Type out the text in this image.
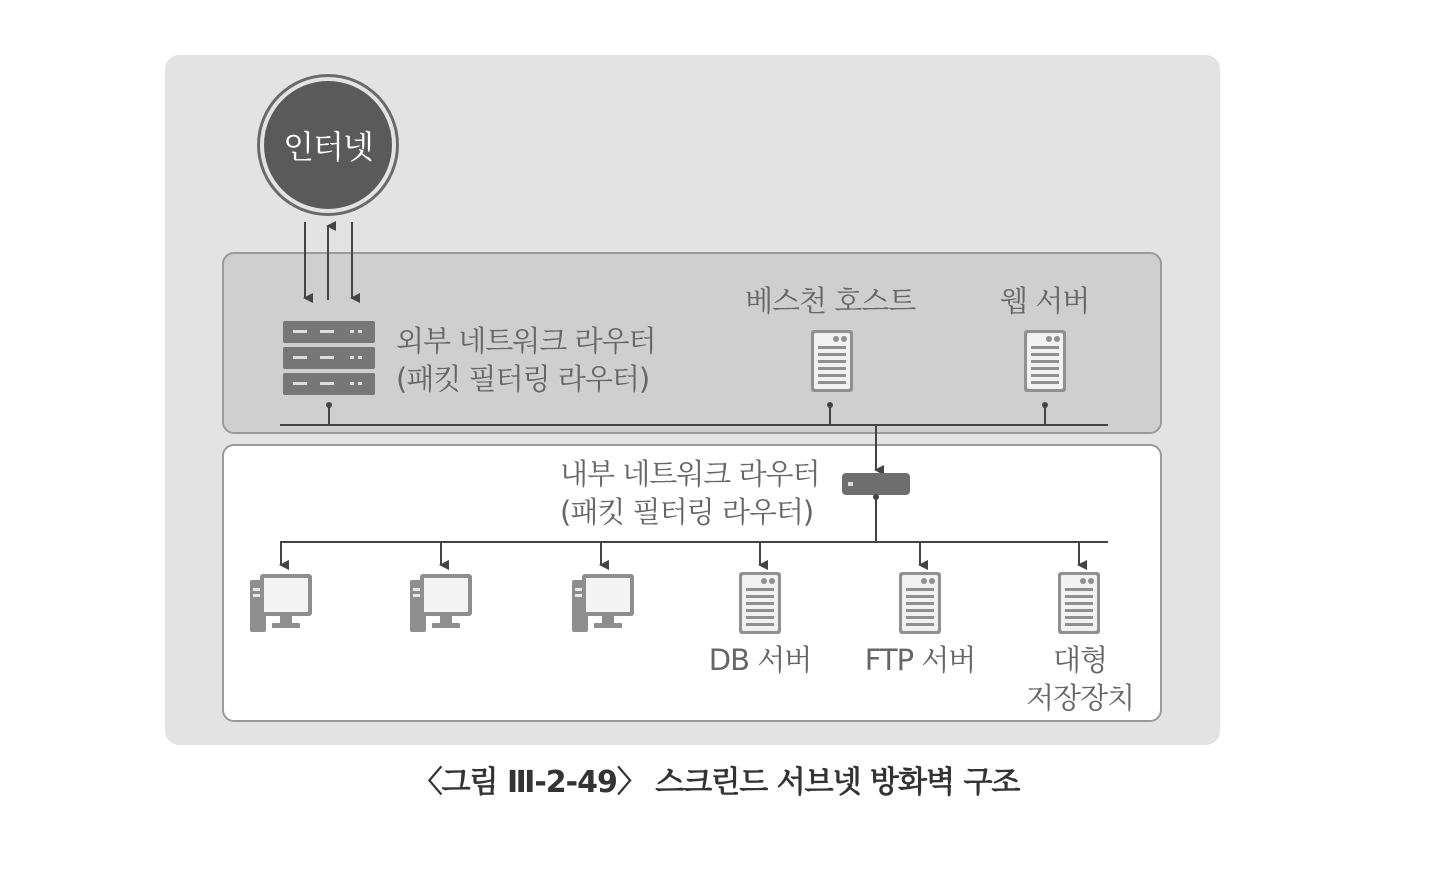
인터넷
외부 네트워크 라우터
(패킷 필터링 라우터)
베스천 호스트	웹 서버
내부 네트워크 라우터
(패킷 필터링 라우터)
DB 서버	FTP 서버	대형
저장장치
〈그림 Ⅲ-2-49〉 스크린드 서브넷 방화벽 구조
